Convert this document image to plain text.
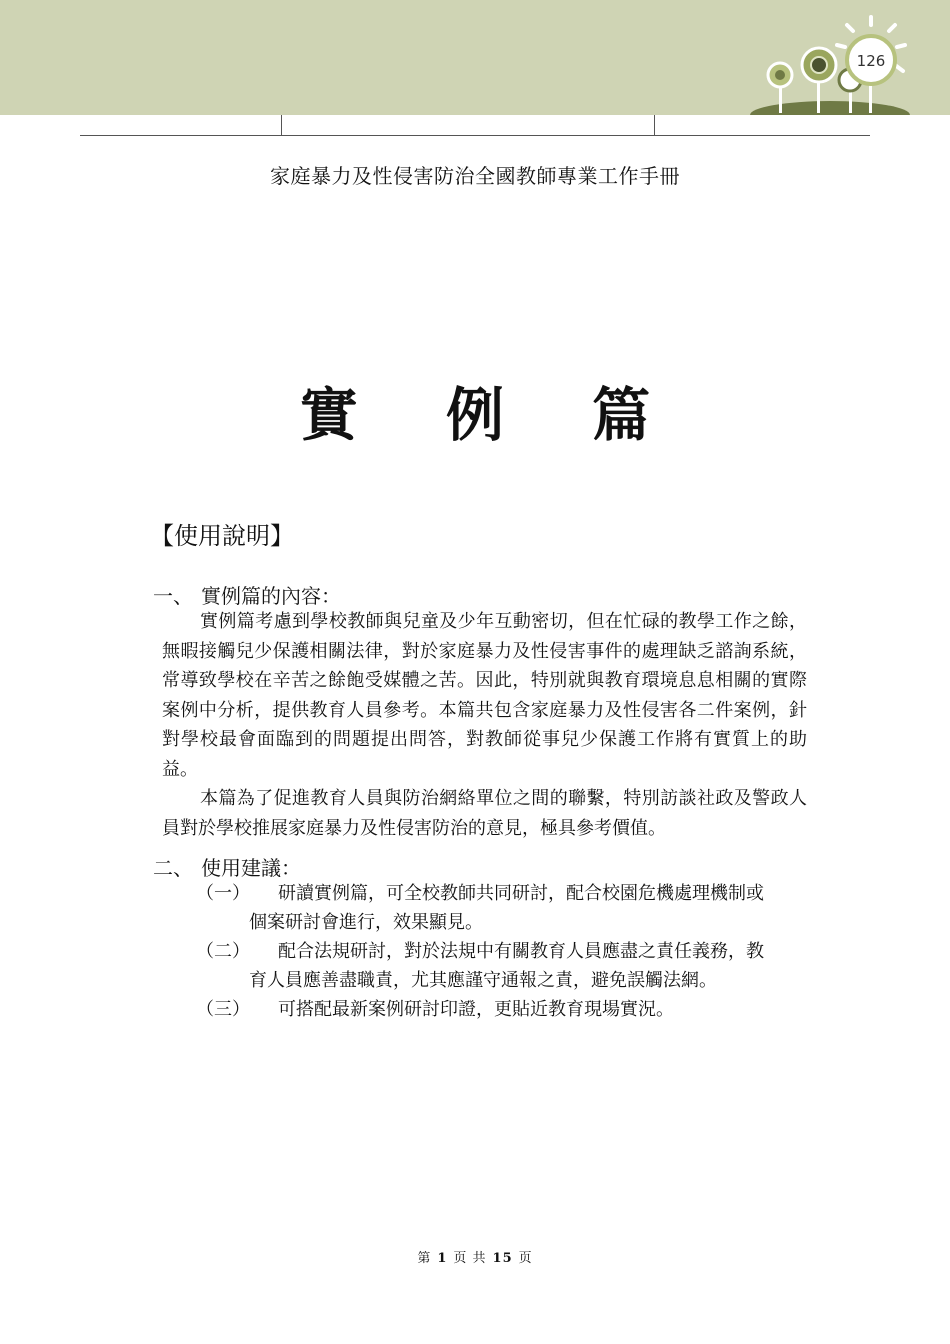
126
家庭暴力及性侵害防治全國教師專業工作手冊
實 例 篇
【使用說明】
一、 實例篇的內容：

實例篇考慮到學校教師與兒童及少年互動密切，但在忙碌的教學工作之餘，無暇接觸兒少保護相關法律，對於家庭暴力及性侵害事件的處理缺乏諮詢系統，常導致學校在辛苦之餘飽受媒體之苦。因此，特別就與教育環境息息相關的實際案例中分析，提供教育人員參考。本篇共包含家庭暴力及性侵害各二件案例，針對學校最會面臨到的問題提出問答，對教師從事兒少保護工作將有實質上的助益。

本篇為了促進教育人員與防治網絡單位之間的聯繫，特別訪談社政及警政人員對於學校推展家庭暴力及性侵害防治的意見，極具參考價值。

二、 使用建議：
（一）	研讀實例篇，可全校教師共同研討，配合校園危機處理機制或
個案研討會進行，效果顯見。
（二）	配合法規研討，對於法規中有關教育人員應盡之責任義務，教
育人員應善盡職責，尤其應謹守通報之責，避免誤觸法網。
（三）	可搭配最新案例研討印證，更貼近教育現場實況。
第 1 页 共 15 页
